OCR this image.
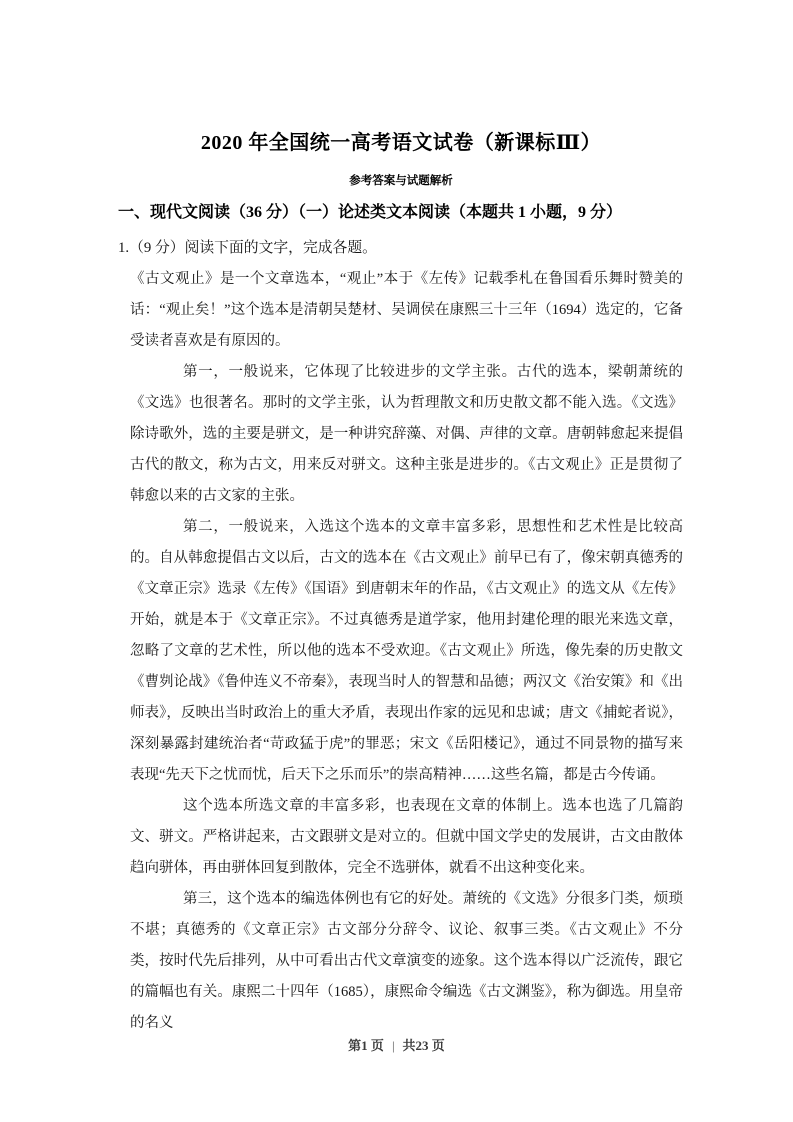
2020 年全国统一高考语文试卷（新课标Ⅲ）
参考答案与试题解析
一、现代文阅读（36 分）（一）论述类文本阅读（本题共 1 小题，9 分）
1.（9 分）阅读下面的文字，完成各题。

《古文观止》是一个文章选本，“观止”本于《左传》记载季札在鲁国看乐舞时赞美的话：“观止矣！”这个选本是清朝吴楚材、吴调侯在康熙三十三年（1694）选定的，它备受读者喜欢是有原因的。

第一，一般说来，它体现了比较进步的文学主张。古代的选本，梁朝萧统的《文选》也很著名。那时的文学主张，认为哲理散文和历史散文都不能入选。《文选》除诗歌外，选的主要是骈文，是一种讲究辞藻、对偶、声律的文章。唐朝韩愈起来提倡古代的散文，称为古文，用来反对骈文。这种主张是进步的。《古文观止》正是贯彻了韩愈以来的古文家的主张。

第二，一般说来，入选这个选本的文章丰富多彩，思想性和艺术性是比较高的。自从韩愈提倡古文以后，古文的选本在《古文观止》前早已有了，像宋朝真德秀的《文章正宗》选录《左传》《国语》到唐朝末年的作品，《古文观止》的选文从《左传》开始，就是本于《文章正宗》。不过真德秀是道学家，他用封建伦理的眼光来选文章，忽略了文章的艺术性，所以他的选本不受欢迎。《古文观止》所选，像先秦的历史散文《曹刿论战》《鲁仲连义不帝秦》，表现当时人的智慧和品德；两汉文《治安策》和《出师表》，反映出当时政治上的重大矛盾，表现出作家的远见和忠诚；唐文《捕蛇者说》，深刻暴露封建统治者“苛政猛于虎”的罪恶；宋文《岳阳楼记》，通过不同景物的描写来表现“先天下之忧而忧，后天下之乐而乐”的崇高精神……这些名篇，都是古今传诵。

这个选本所选文章的丰富多彩，也表现在文章的体制上。选本也选了几篇韵文、骈文。严格讲起来，古文跟骈文是对立的。但就中国文学史的发展讲，古文由散体趋向骈体，再由骈体回复到散体，完全不选骈体，就看不出这种变化来。

第三，这个选本的编选体例也有它的好处。萧统的《文选》分很多门类，烦琐不堪；真德秀的《文章正宗》古文部分分辞令、议论、叙事三类。《古文观止》不分类，按时代先后排列，从中可看出古代文章演变的迹象。这个选本得以广泛流传，跟它的篇幅也有关。康熙二十四年（1685），康熙命令编选《古文渊鉴》，称为御选。用皇帝的名义

第1 页 | 共23 页
